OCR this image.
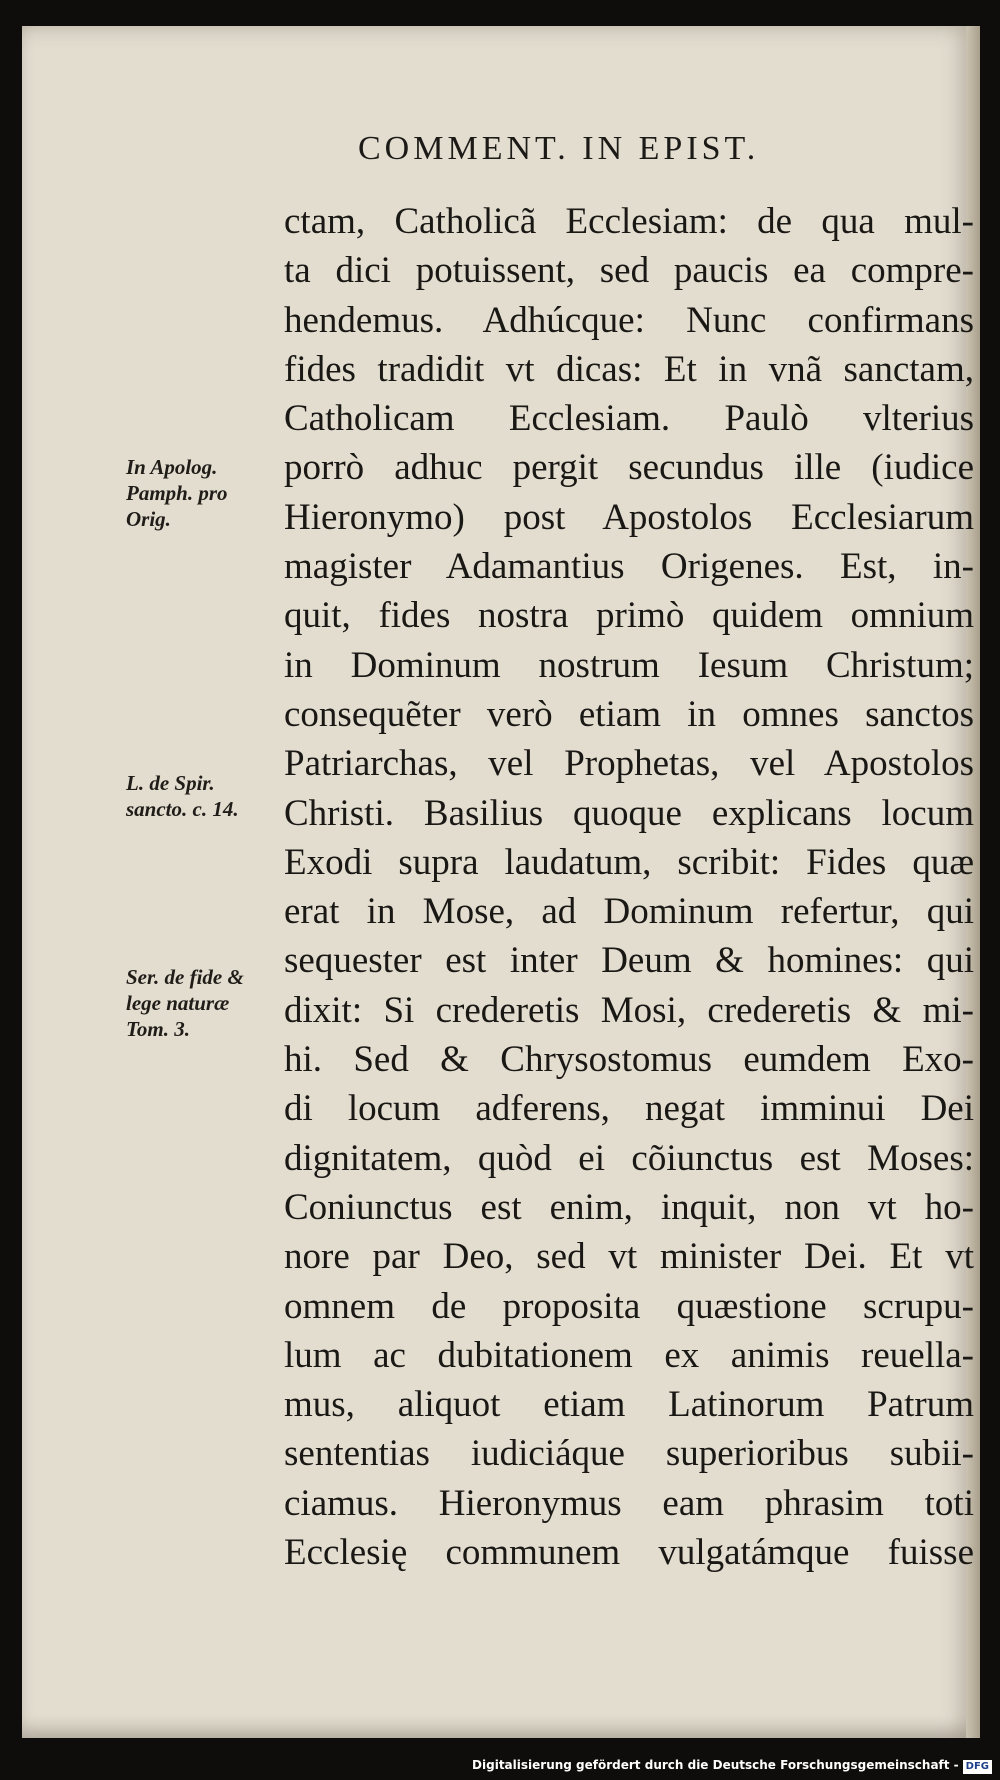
COMMENT. IN EPIST.
ctam, Catholicã Ecclesiam: de qua mul-
ta dici potuissent, sed paucis ea compre-
hendemus. Adhúcque: Nunc confirmans
fides tradidit vt dicas: Et in vnã sanctam,
Catholicam Ecclesiam. Paulò vlterius
porrò adhuc pergit secundus ille (iudice
Hieronymo) post Apostolos Ecclesiarum
magister Adamantius Origenes. Est, in-
quit, fides nostra primò quidem omnium
in Dominum nostrum Iesum Christum;
consequẽter verò etiam in omnes sanctos
Patriarchas, vel Prophetas, vel Apostolos
Christi. Basilius quoque explicans locum
Exodi supra laudatum, scribit: Fides quæ
erat in Mose, ad Dominum refertur, qui
sequester est inter Deum & homines: qui
dixit: Si crederetis Mosi, crederetis & mi-
hi. Sed & Chrysostomus eumdem Exo-
di locum adferens, negat imminui Dei
dignitatem, quòd ei cõiunctus est Moses:
Coniunctus est enim, inquit, non vt ho-
nore par Deo, sed vt minister Dei. Et vt
omnem de proposita quæstione scrupu-
lum ac dubitationem ex animis reuella-
mus, aliquot etiam Latinorum Patrum
sententias iudiciáque superioribus subii-
ciamus. Hieronymus eam phrasim toti
Ecclesię communem vulgatámque fuisse
In Apolog.
Pamph. pro
Orig.
L. de Spir.
sancto. c. 14.
Ser. de fide &
lege naturæ
Tom. 3.
Digitalisierung gefördert durch die Deutsche Forschungsgemeinschaft - DFG
